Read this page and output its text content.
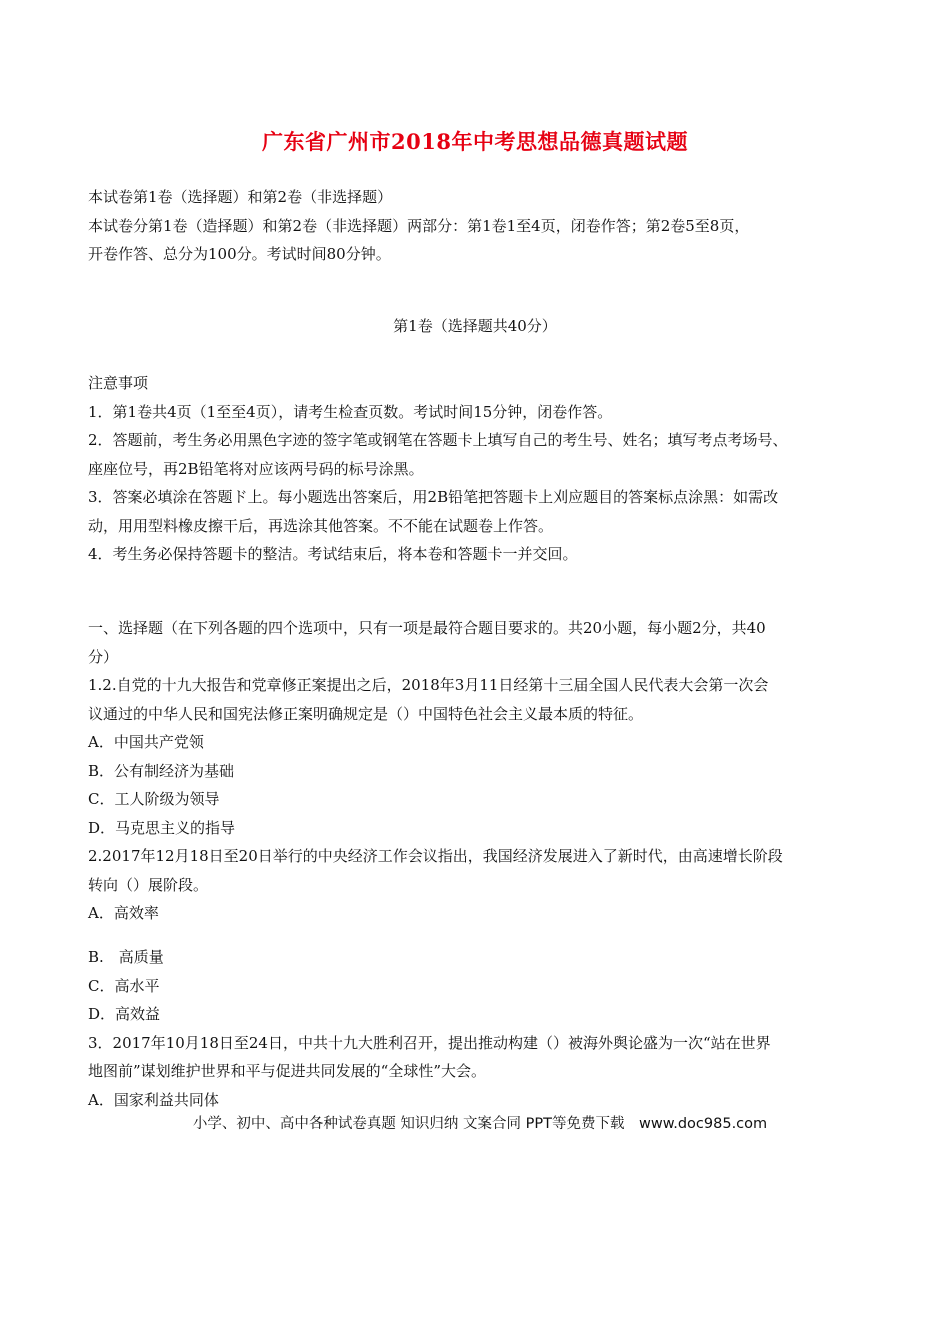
广东省广州市2018年中考思想品德真题试题
本试卷第1卷（选择题）和第2卷（非选择题）
本试卷分第1卷（造择题）和第2卷（非选择题）两部分：第1卷1至4页，闭卷作答；第2卷5至8页，
开卷作答、总分为100分。考试时间80分钟。
第1卷（选择题共40分）
注意事项
1．第1卷共4页（1至至4页），请考生检查页数。考试时间15分钟，闭卷作答。
2．答题前，考生务必用黑色字迹的签字笔或钢笔在答题卡上填写自己的考生号、姓名；填写考点考场号、
座座位号，再2B铅笔将对应该两号码的标号涂黑。
3．答案必填涂在答题ド上。每小题选出答案后，用2B铅笔把答题卡上刈应题目的答案标点涂黑：如需改
动，用用型料橡皮擦干后，再选涂其他答案。不不能在试题卷上作答。
4．考生务必保持答题卡的整洁。考试结束后，将本卷和答题卡一并交回。
一、选择题（在下列各题的四个选项中，只有一项是最符合题目要求的。共20小题，每小题2分，共40
分）
1.2.自党的十九大报告和党章修正案提出之后，2018年3月11日经第十三届全国人民代表大会第一次会
议通过的中华人民和国宪法修正案明确规定是（）中国特色社会主义最本质的特征。
A．中国共产党领
B．公有制经济为基础
C．工人阶级为领导
D．马克思主义的指导
2.2017年12月18日至20日举行的中央经济工作会议指出，我国经济发展进入了新时代，由高速增长阶段
转向（）展阶段。
A．高效率
B.　高质量
C．高水平
D．高效益
3．2017年10月18日至24日，中共十九大胜利召开，提出推动构建（）被海外舆论盛为一次“站在世界
地图前”谋划维护世界和平与促进共同发展的“全球性”大会。
A．国家利益共同体
小学、初中、高中各种试卷真题 知识归纳 文案合同 PPT等免费下载　www.doc985.com
